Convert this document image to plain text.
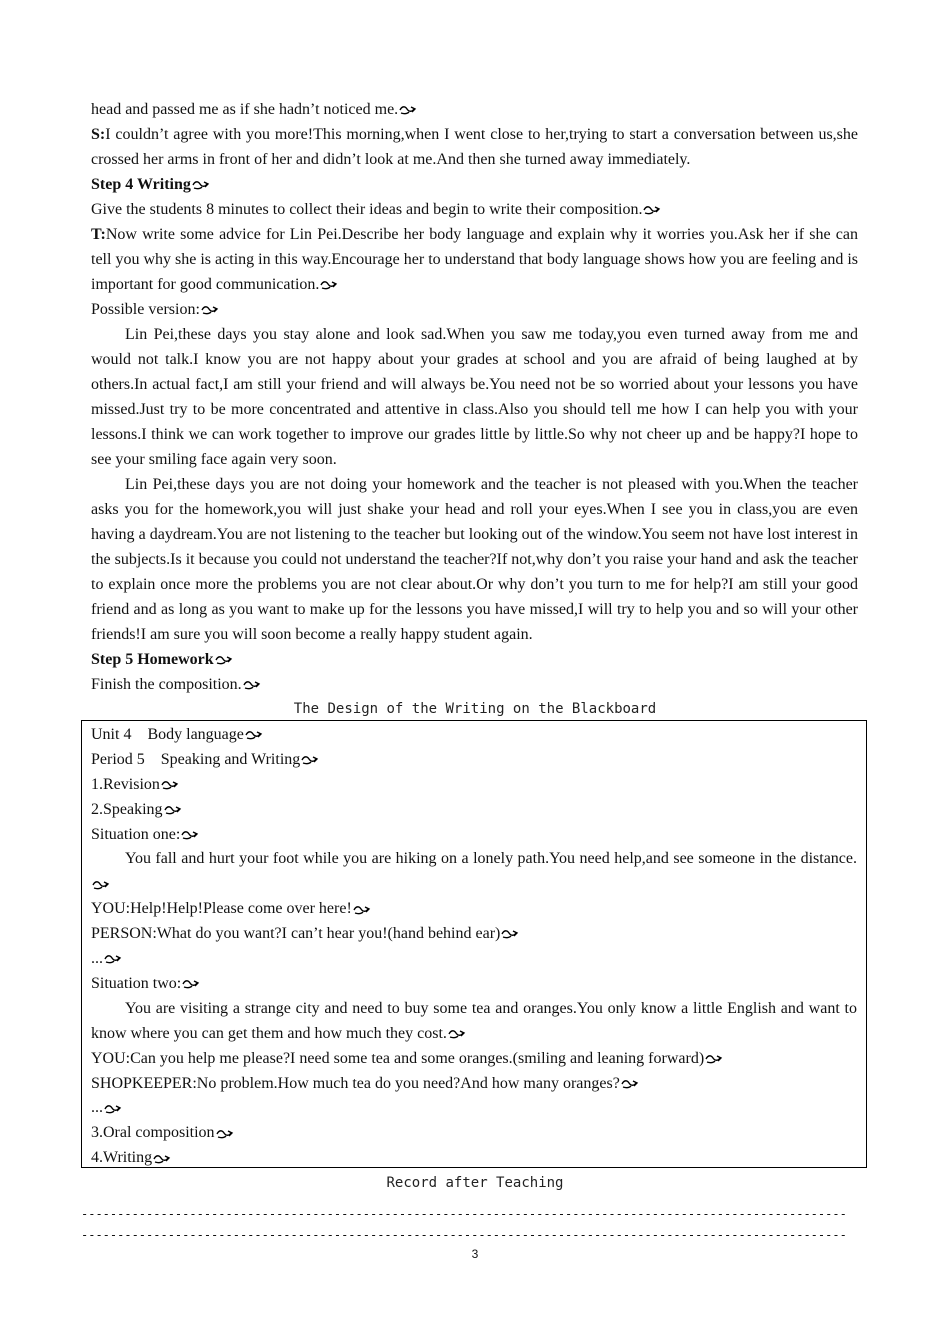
head and passed me as if she hadn’t noticed me.
S:I couldn’t agree with you more!This morning,when I went close to her,trying to start a conversation between us,she crossed her arms in front of her and didn’t look at me.And then she turned away immediately.
Step 4 Writing
Give the students 8 minutes to collect their ideas and begin to write their composition.
T:Now write some advice for Lin Pei.Describe her body language and explain why it worries you.Ask her if she can tell you why she is acting in this way.Encourage her to understand that body language shows how you are feeling and is important for good communication.
Possible version:
Lin Pei,these days you stay alone and look sad.When you saw me today,you even turned away from me and would not talk.I know you are not happy about your grades at school and you are afraid of being laughed at by others.In actual fact,I am still your friend and will always be.You need not be so worried about your lessons you have missed.Just try to be more concentrated and attentive in class.Also you should tell me how I can help you with your lessons.I think we can work together to improve our grades little by little.So why not cheer up and be happy?I hope to see your smiling face again very soon.
Lin Pei,these days you are not doing your homework and the teacher is not pleased with you.When the teacher asks you for the homework,you will just shake your head and roll your eyes.When I see you in class,you are even having a daydream.You are not listening to the teacher but looking out of the window.You seem not have lost interest in the subjects.Is it because you could not understand the teacher?If not,why don’t you raise your hand and ask the teacher to explain once more the problems you are not clear about.Or why don’t you turn to me for help?I am still your good friend and as long as you want to make up for the lessons you have missed,I will try to help you and so will your other friends!I am sure you will soon become a really happy student again.
Step 5 Homework
Finish the composition.
The Design of the Writing on the Blackboard
Unit 4    Body language
Period 5    Speaking and Writing
1.Revision
2.Speaking
Situation one:
You fall and hurt your foot while you are hiking on a lonely path.You need help,and see someone in the distance.
YOU:Help!Help!Please come over here!
PERSON:What do you want?I can’t hear you!(hand behind ear)
...
Situation two:
You are visiting a strange city and need to buy some tea and oranges.You only know a little English and want to know where you can get them and how much they cost.
YOU:Can you help me please?I need some tea and some oranges.(smiling and leaning forward)
SHOPKEEPER:No problem.How much tea do you need?And how many oranges?
...
3.Oral composition
4.Writing
Record after Teaching
----------------------------------------------------------------------------------------------------------
----------------------------------------------------------------------------------------------------------
3
